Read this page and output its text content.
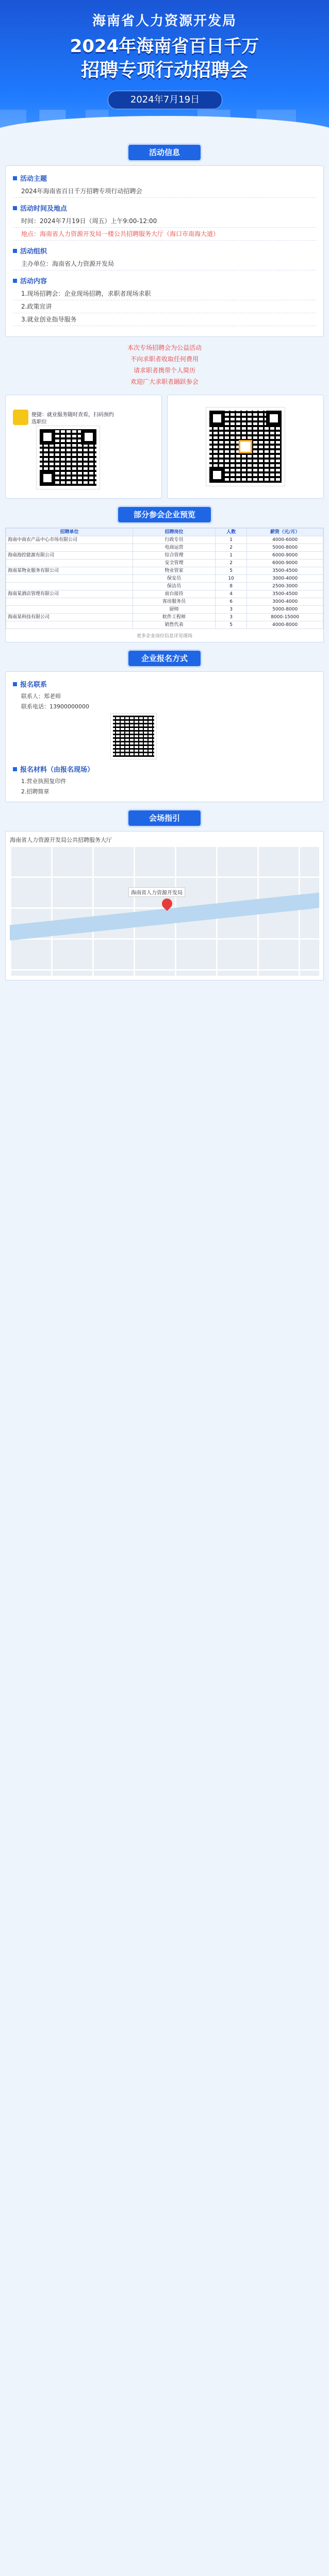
海南省人力资源开发局
2024年海南省百日千万
招聘专项行动招聘会
2024年7月19日
活动信息
活动主题
2024年海南省百日千万招聘专项行动招聘会
活动时间及地点
时间：2024年7月19日（周五）上午9:00-12:00
地点：海南省人力资源开发局一楼公共招聘服务大厅（海口市南海大道）
活动组织
主办单位：海南省人力资源开发局
活动内容
1.现场招聘会：企业现场招聘，求职者现场求职
2.政策宣讲
3.就业创业指导服务
本次专场招聘会为公益活动
不向求职者收取任何费用
请求职者携带个人简历
欢迎广大求职者踊跃参会
便捷：就业服务随时查看，扫码预约
选职位
部分参会企业预览
招聘单位	招聘岗位	人数	薪资（元/月）
海南中商农产品中心市场有限公司	行政专员	1	4000-6000
	电商运营	2	5000-8000
海南海控能源有限公司	综合管理	1	6000-9000
	安全管理	2	6000-9000
海南某物业服务有限公司	物业管家	5	3500-4500
	保安员	10	3000-4000
	保洁员	8	2500-3000
海南某酒店管理有限公司	前台接待	4	3500-4500
	客房服务员	6	3000-4000
	厨师	3	5000-8000
海南某科技有限公司	软件工程师	3	8000-15000
	销售代表	5	4000-8000
更多企业岗位信息详见现场
企业报名方式
报名联系
联系人：郑老师
联系电话：13900000000
报名材料（由报名现场）
1.营业执照复印件
2.招聘简章
会场指引
海南省人力资源开发局公共招聘服务大厅
海南省人力资源开发局
